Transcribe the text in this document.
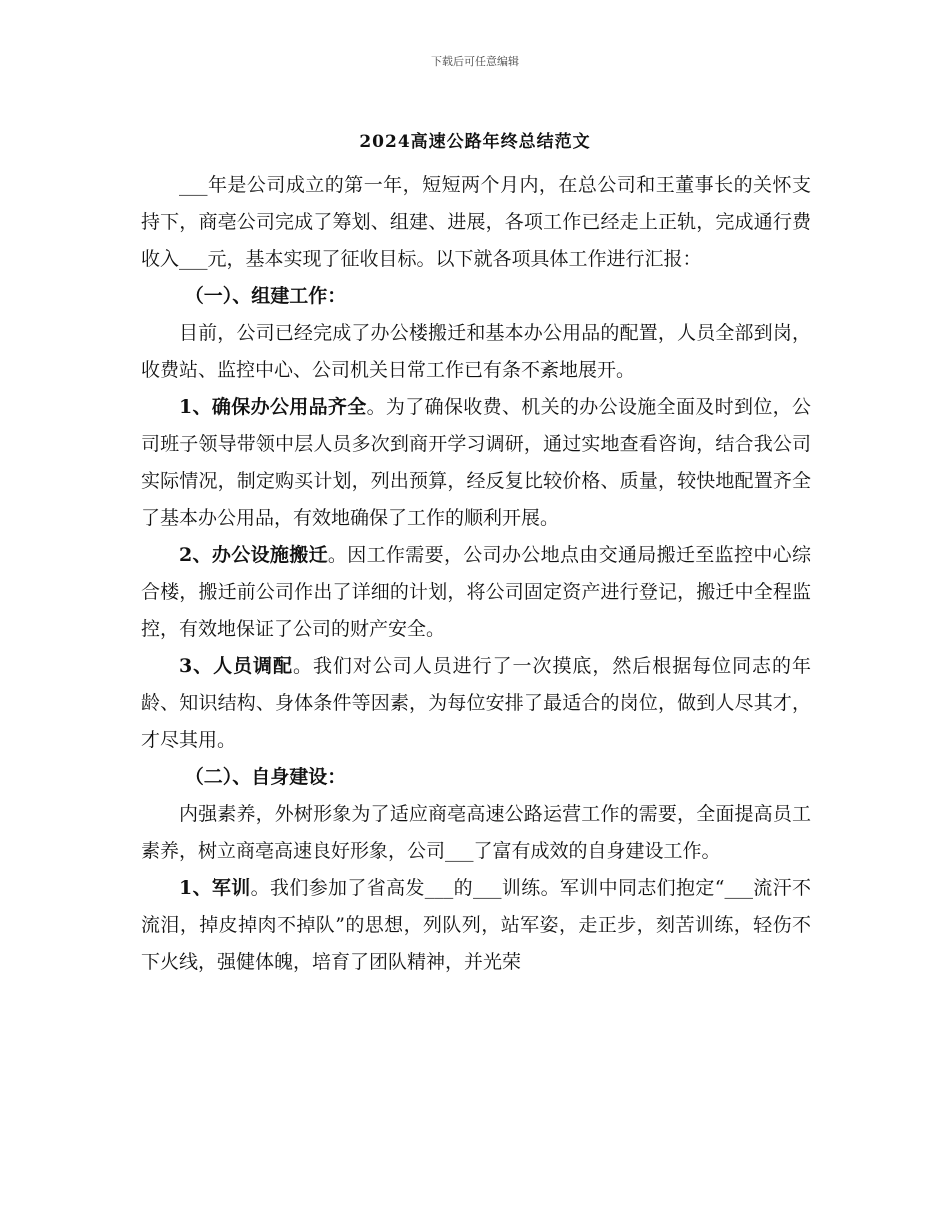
下载后可任意编辑
2024高速公路年终总结范文

___年是公司成立的第一年，短短两个月内，在总公司和王董事长的关怀支持下，商亳公司完成了筹划、组建、进展，各项工作已经走上正轨，完成通行费收入___元，基本实现了征收目标。以下就各项具体工作进行汇报：

（一）、组建工作：

目前，公司已经完成了办公楼搬迁和基本办公用品的配置，人员全部到岗，收费站、监控中心、公司机关日常工作已有条不紊地展开。

1、确保办公用品齐全。为了确保收费、机关的办公设施全面及时到位，公司班子领导带领中层人员多次到商开学习调研，通过实地查看咨询，结合我公司实际情况，制定购买计划，列出预算，经反复比较价格、质量，较快地配置齐全了基本办公用品，有效地确保了工作的顺利开展。

2、办公设施搬迁。因工作需要，公司办公地点由交通局搬迁至监控中心综合楼，搬迁前公司作出了详细的计划，将公司固定资产进行登记，搬迁中全程监控，有效地保证了公司的财产安全。

3、人员调配。我们对公司人员进行了一次摸底，然后根据每位同志的年龄、知识结构、身体条件等因素，为每位安排了最适合的岗位，做到人尽其才，才尽其用。

（二）、自身建设：

内强素养，外树形象为了适应商亳高速公路运营工作的需要，全面提高员工素养，树立商亳高速良好形象，公司___了富有成效的自身建设工作。

1、军训。我们参加了省高发___的___训练。军训中同志们抱定“___流汗不流泪，掉皮掉肉不掉队”的思想，列队列，站军姿，走正步，刻苦训练，轻伤不下火线，强健体魄，培育了团队精神，并光荣
